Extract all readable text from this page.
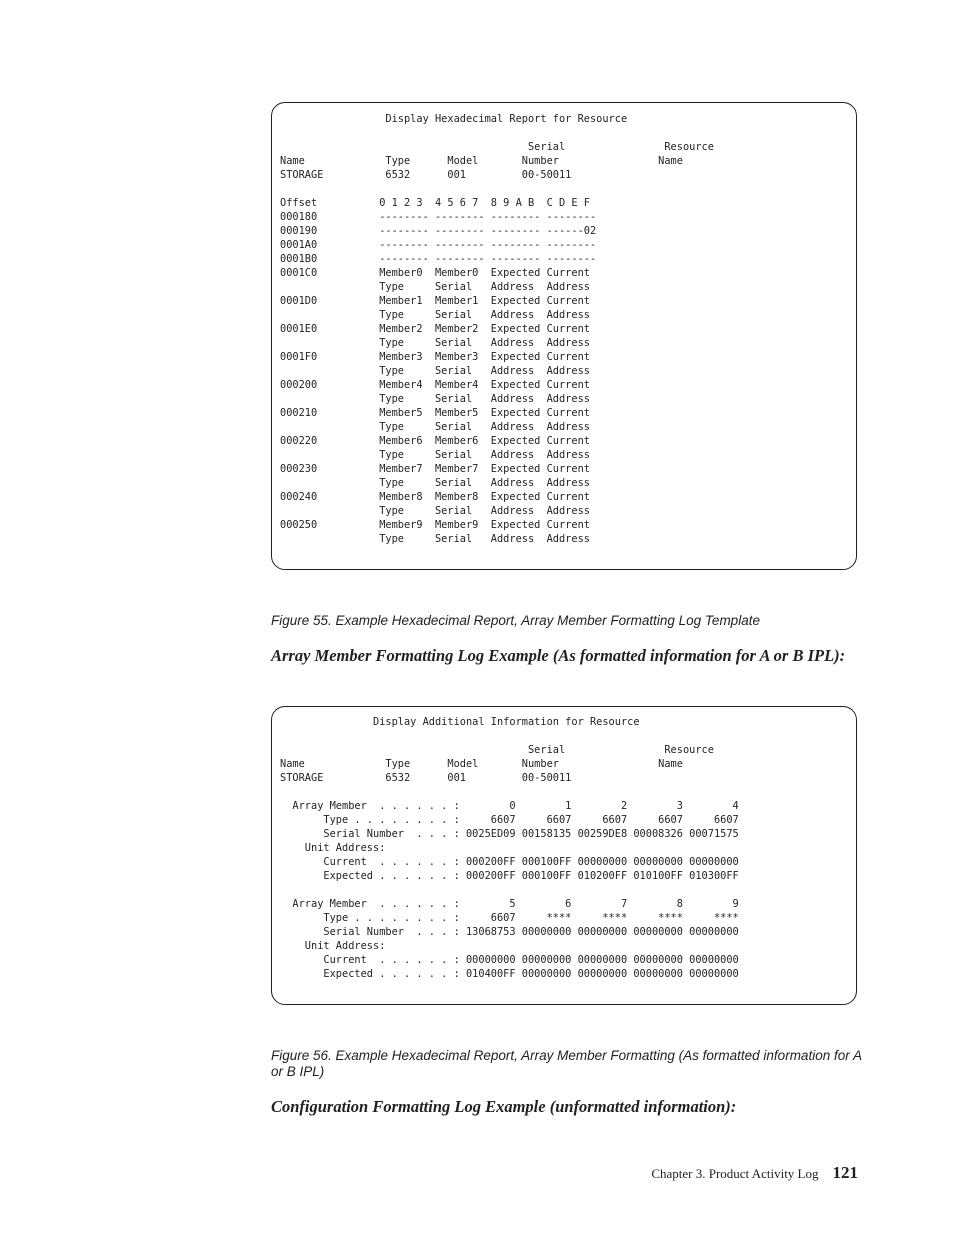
Display Hexadecimal Report for Resource

Serial                Resource
Name             Type      Model       Number                Name
STORAGE          6532      001         00-50011

Offset          0 1 2 3  4 5 6 7  8 9 A B  C D E F
000180          -------- -------- -------- --------
000190          -------- -------- -------- ------02
0001A0          -------- -------- -------- --------
0001B0          -------- -------- -------- --------
0001C0          Member0  Member0  Expected Current
Type     Serial   Address  Address
0001D0          Member1  Member1  Expected Current
Type     Serial   Address  Address
0001E0          Member2  Member2  Expected Current
Type     Serial   Address  Address
0001F0          Member3  Member3  Expected Current
Type     Serial   Address  Address
000200          Member4  Member4  Expected Current
Type     Serial   Address  Address
000210          Member5  Member5  Expected Current
Type     Serial   Address  Address
000220          Member6  Member6  Expected Current
Type     Serial   Address  Address
000230          Member7  Member7  Expected Current
Type     Serial   Address  Address
000240          Member8  Member8  Expected Current
Type     Serial   Address  Address
000250          Member9  Member9  Expected Current
Type     Serial   Address  Address

Figure 55. Example Hexadecimal Report, Array Member Formatting Log Template

Array Member Formatting Log Example (As formatted information for A or B IPL):
Display Additional Information for Resource

Serial                Resource
Name             Type      Model       Number                Name
STORAGE          6532      001         00-50011

Array Member  . . . . . . :        0        1        2        3        4
Type . . . . . . . . :     6607     6607     6607     6607     6607
Serial Number  . . . : 0025ED09 00158135 00259DE8 00008326 00071575
Unit Address:
Current  . . . . . . : 000200FF 000100FF 00000000 00000000 00000000
Expected . . . . . . : 000200FF 000100FF 010200FF 010100FF 010300FF

Array Member  . . . . . . :        5        6        7        8        9
Type . . . . . . . . :     6607     ****     ****     ****     ****
Serial Number  . . . : 13068753 00000000 00000000 00000000 00000000
Unit Address:
Current  . . . . . . : 00000000 00000000 00000000 00000000 00000000
Expected . . . . . . : 010400FF 00000000 00000000 00000000 00000000

Figure 56. Example Hexadecimal Report, Array Member Formatting (As formatted information for A or B IPL)

Configuration Formatting Log Example (unformatted information):
Chapter 3. Product Activity Log 121
